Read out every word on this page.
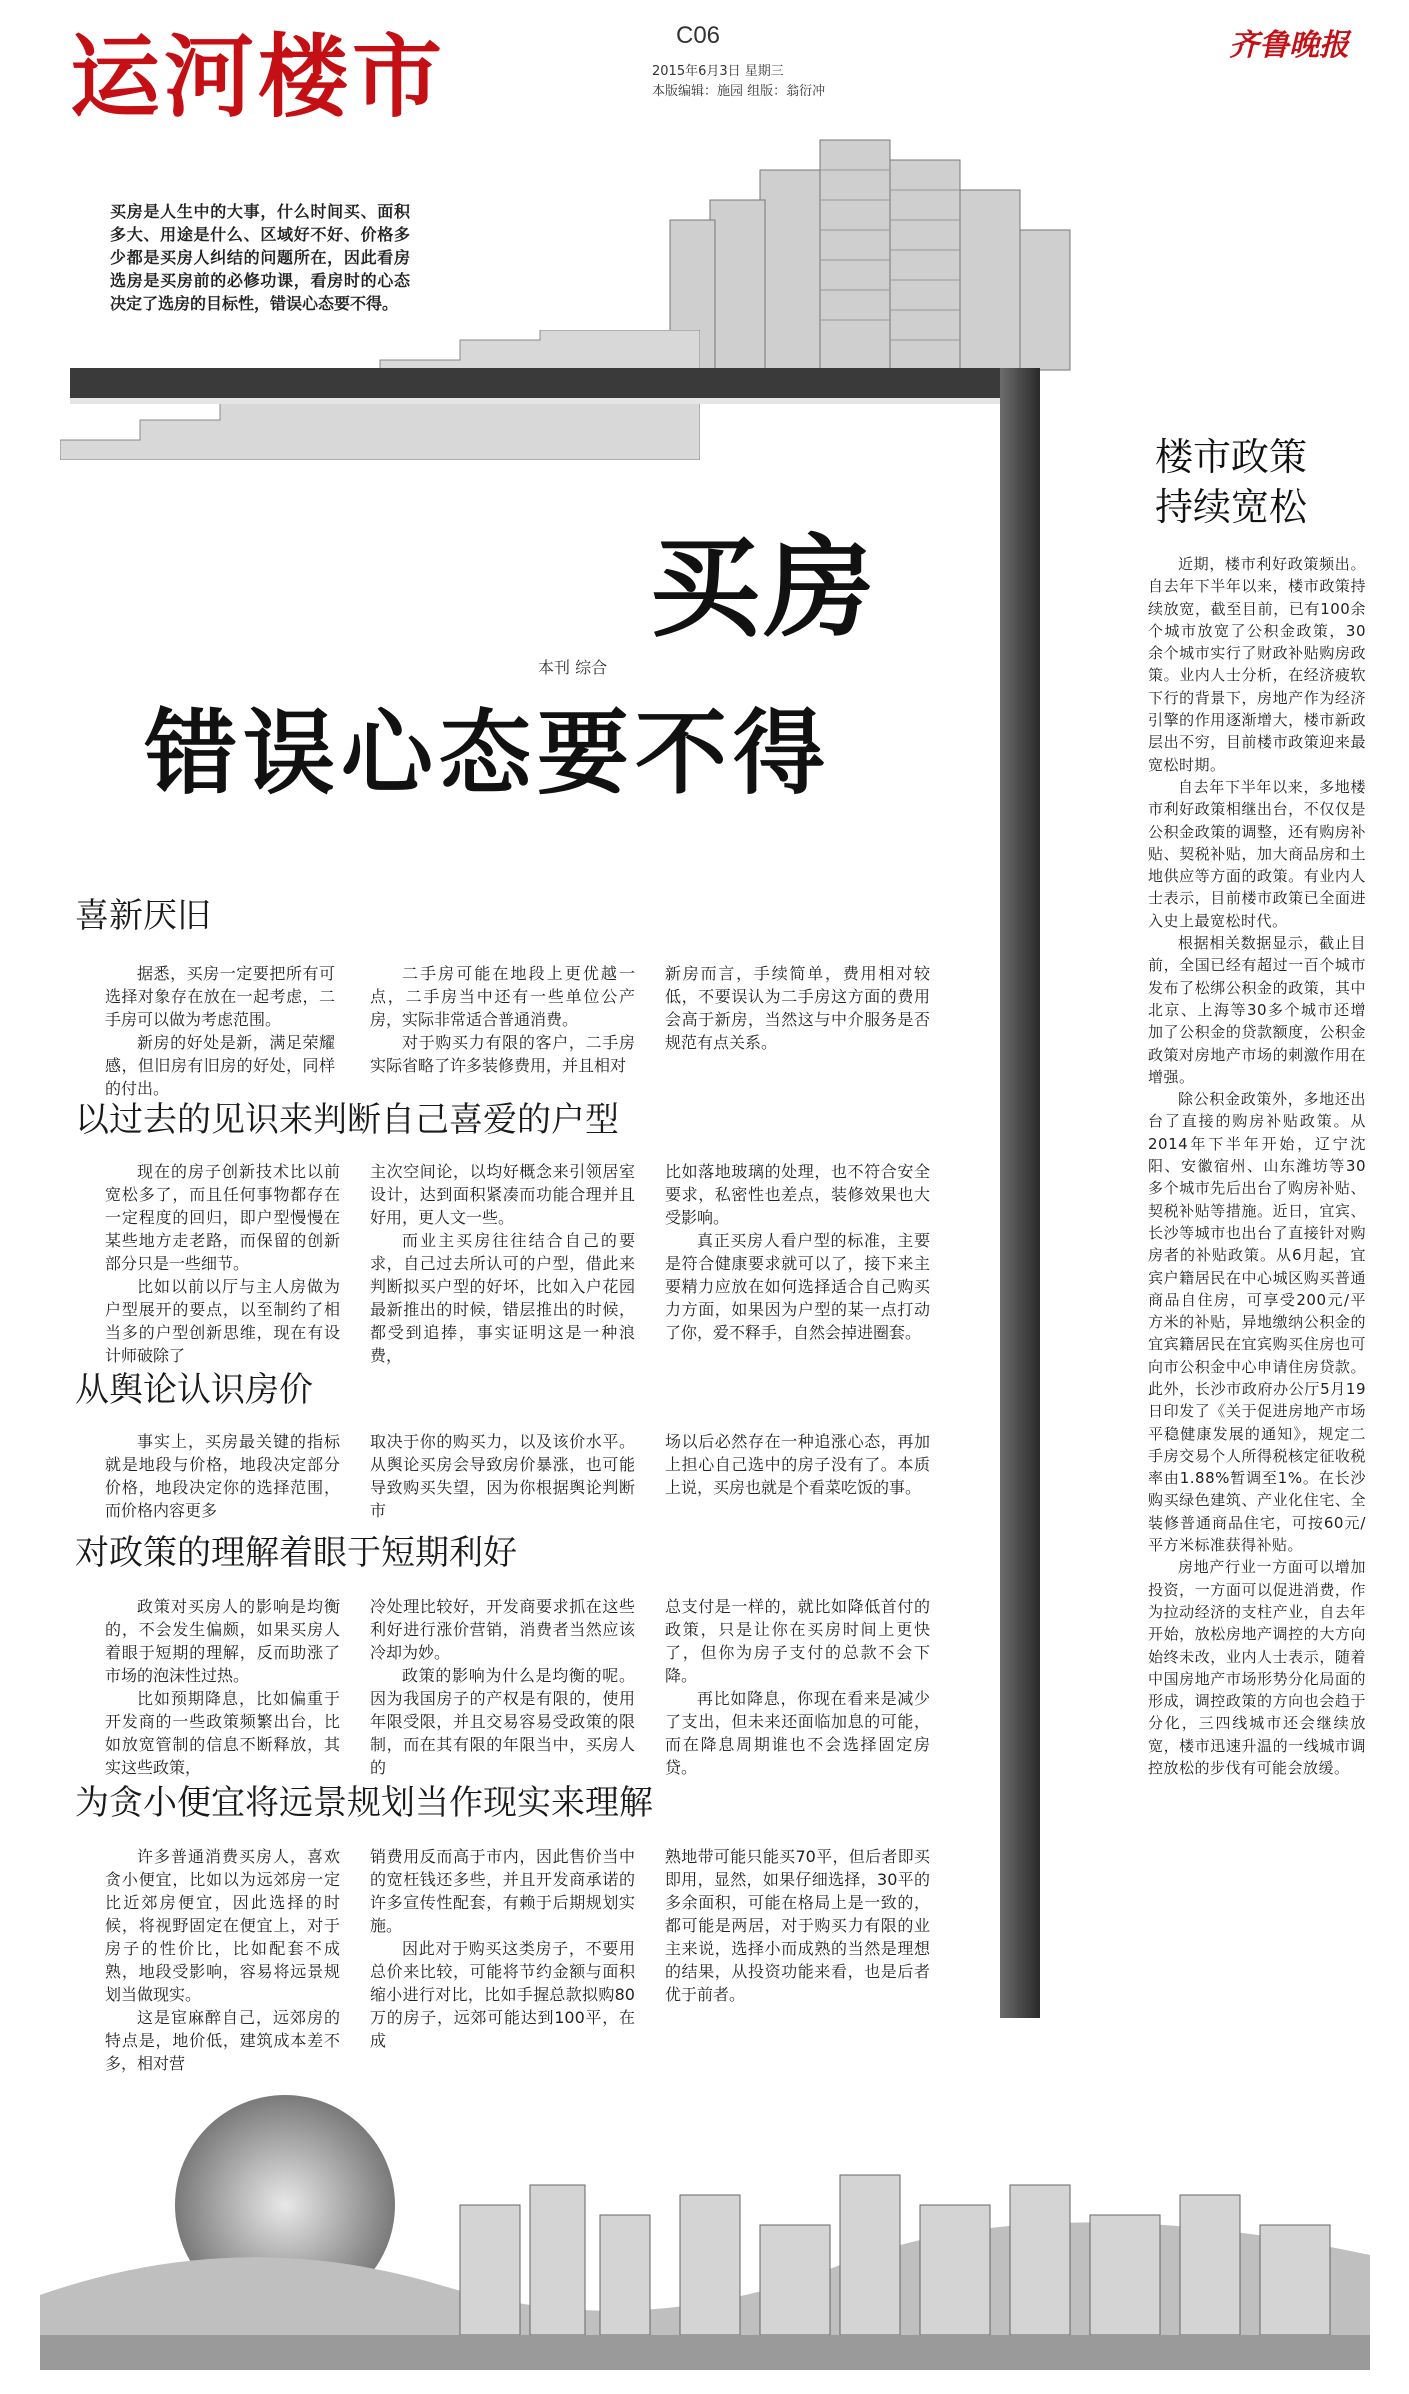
运河楼市	C06
2015年6月3日 星期三
本版编辑：施园 组版：翁衍冲
齐鲁晚报
买房是人生中的大事，什么时间买、面积多大、用途是什么、区域好不好、价格多少都是买房人纠结的问题所在，因此看房选房是买房前的必修功课，看房时的心态决定了选房的目标性，错误心态要不得。
买房
本刊 综合
错误心态要不得
喜新厌旧

据悉，买房一定要把所有可选择对象存在放在一起考虑，二手房可以做为考虑范围。

新房的好处是新，满足荣耀感，但旧房有旧房的好处，同样的付出。

二手房可能在地段上更优越一点，二手房当中还有一些单位公产房，实际非常适合普通消费。

对于购买力有限的客户，二手房实际省略了许多装修费用，并且相对

新房而言，手续简单，费用相对较低，不要误认为二手房这方面的费用会高于新房，当然这与中介服务是否规范有点关系。

以过去的见识来判断自己喜爱的户型

现在的房子创新技术比以前宽松多了，而且任何事物都存在一定程度的回归，即户型慢慢在某些地方走老路，而保留的创新部分只是一些细节。

比如以前以厅与主人房做为户型展开的要点，以至制约了相当多的户型创新思维，现在有设计师破除了

主次空间论，以均好概念来引领居室设计，达到面积紧凑而功能合理并且好用，更人文一些。

而业主买房往往结合自己的要求，自己过去所认可的户型，借此来判断拟买户型的好坏，比如入户花园最新推出的时候，错层推出的时候，都受到追捧，事实证明这是一种浪费，

比如落地玻璃的处理，也不符合安全要求，私密性也差点，装修效果也大受影响。

真正买房人看户型的标准，主要是符合健康要求就可以了，接下来主要精力应放在如何选择适合自己购买力方面，如果因为户型的某一点打动了你，爱不释手，自然会掉进圈套。

从舆论认识房价

事实上，买房最关键的指标就是地段与价格，地段决定部分价格，地段决定你的选择范围，而价格内容更多

取决于你的购买力，以及该价水平。从舆论买房会导致房价暴涨，也可能导致购买失望，因为你根据舆论判断市

场以后必然存在一种追涨心态，再加上担心自己选中的房子没有了。本质上说，买房也就是个看菜吃饭的事。

对政策的理解着眼于短期利好

政策对买房人的影响是均衡的，不会发生偏颇，如果买房人着眼于短期的理解，反而助涨了市场的泡沫性过热。

比如预期降息，比如偏重于开发商的一些政策频繁出台，比如放宽管制的信息不断释放，其实这些政策，

冷处理比较好，开发商要求抓在这些利好进行涨价营销，消费者当然应该冷却为妙。

政策的影响为什么是均衡的呢。因为我国房子的产权是有限的，使用年限受限，并且交易容易受政策的限制，而在其有限的年限当中，买房人的

总支付是一样的，就比如降低首付的政策，只是让你在买房时间上更快了，但你为房子支付的总款不会下降。

再比如降息，你现在看来是减少了支出，但未来还面临加息的可能，而在降息周期谁也不会选择固定房贷。

为贪小便宜将远景规划当作现实来理解

许多普通消费买房人，喜欢贪小便宜，比如以为远郊房一定比近郊房便宜，因此选择的时候，将视野固定在便宜上，对于房子的性价比，比如配套不成熟，地段受影响，容易将远景规划当做现实。

这是宦麻醉自己，远郊房的特点是，地价低，建筑成本差不多，相对营

销费用反而高于市内，因此售价当中的宽枉钱还多些，并且开发商承诺的许多宣传性配套，有赖于后期规划实施。

因此对于购买这类房子，不要用总价来比较，可能将节约金额与面积缩小进行对比，比如手握总款拟购80万的房子，远郊可能达到100平，在成

熟地带可能只能买70平，但后者即买即用，显然，如果仔细选择，30平的多余面积，可能在格局上是一致的，都可能是两居，对于购买力有限的业主来说，选择小而成熟的当然是理想的结果，从投资功能来看，也是后者优于前者。

楼市政策
持续宽松

近期，楼市利好政策频出。自去年下半年以来，楼市政策持续放宽，截至目前，已有100余个城市放宽了公积金政策，30余个城市实行了财政补贴购房政策。业内人士分析，在经济疲软下行的背景下，房地产作为经济引擎的作用逐渐增大，楼市新政层出不穷，目前楼市政策迎来最宽松时期。

自去年下半年以来，多地楼市利好政策相继出台，不仅仅是公积金政策的调整，还有购房补贴、契税补贴，加大商品房和土地供应等方面的政策。有业内人士表示，目前楼市政策已全面进入史上最宽松时代。

根据相关数据显示，截止目前，全国已经有超过一百个城市发布了松绑公积金的政策，其中北京、上海等30多个城市还增加了公积金的贷款额度，公积金政策对房地产市场的刺激作用在增强。

除公积金政策外，多地还出台了直接的购房补贴政策。从2014年下半年开始，辽宁沈阳、安徽宿州、山东潍坊等30多个城市先后出台了购房补贴、契税补贴等措施。近日，宜宾、长沙等城市也出台了直接针对购房者的补贴政策。从6月起，宜宾户籍居民在中心城区购买普通商品自住房，可享受200元/平方米的补贴，异地缴纳公积金的宜宾籍居民在宜宾购买住房也可向市公积金中心申请住房贷款。此外，长沙市政府办公厅5月19日印发了《关于促进房地产市场平稳健康发展的通知》，规定二手房交易个人所得税核定征收税率由1.88%暂调至1%。在长沙购买绿色建筑、产业化住宅、全装修普通商品住宅，可按60元/平方米标准获得补贴。

房地产行业一方面可以增加投资，一方面可以促进消费，作为拉动经济的支柱产业，自去年开始，放松房地产调控的大方向始终未改，业内人士表示，随着中国房地产市场形势分化局面的形成，调控政策的方向也会趋于分化，三四线城市还会继续放宽，楼市迅速升温的一线城市调控放松的步伐有可能会放缓。
